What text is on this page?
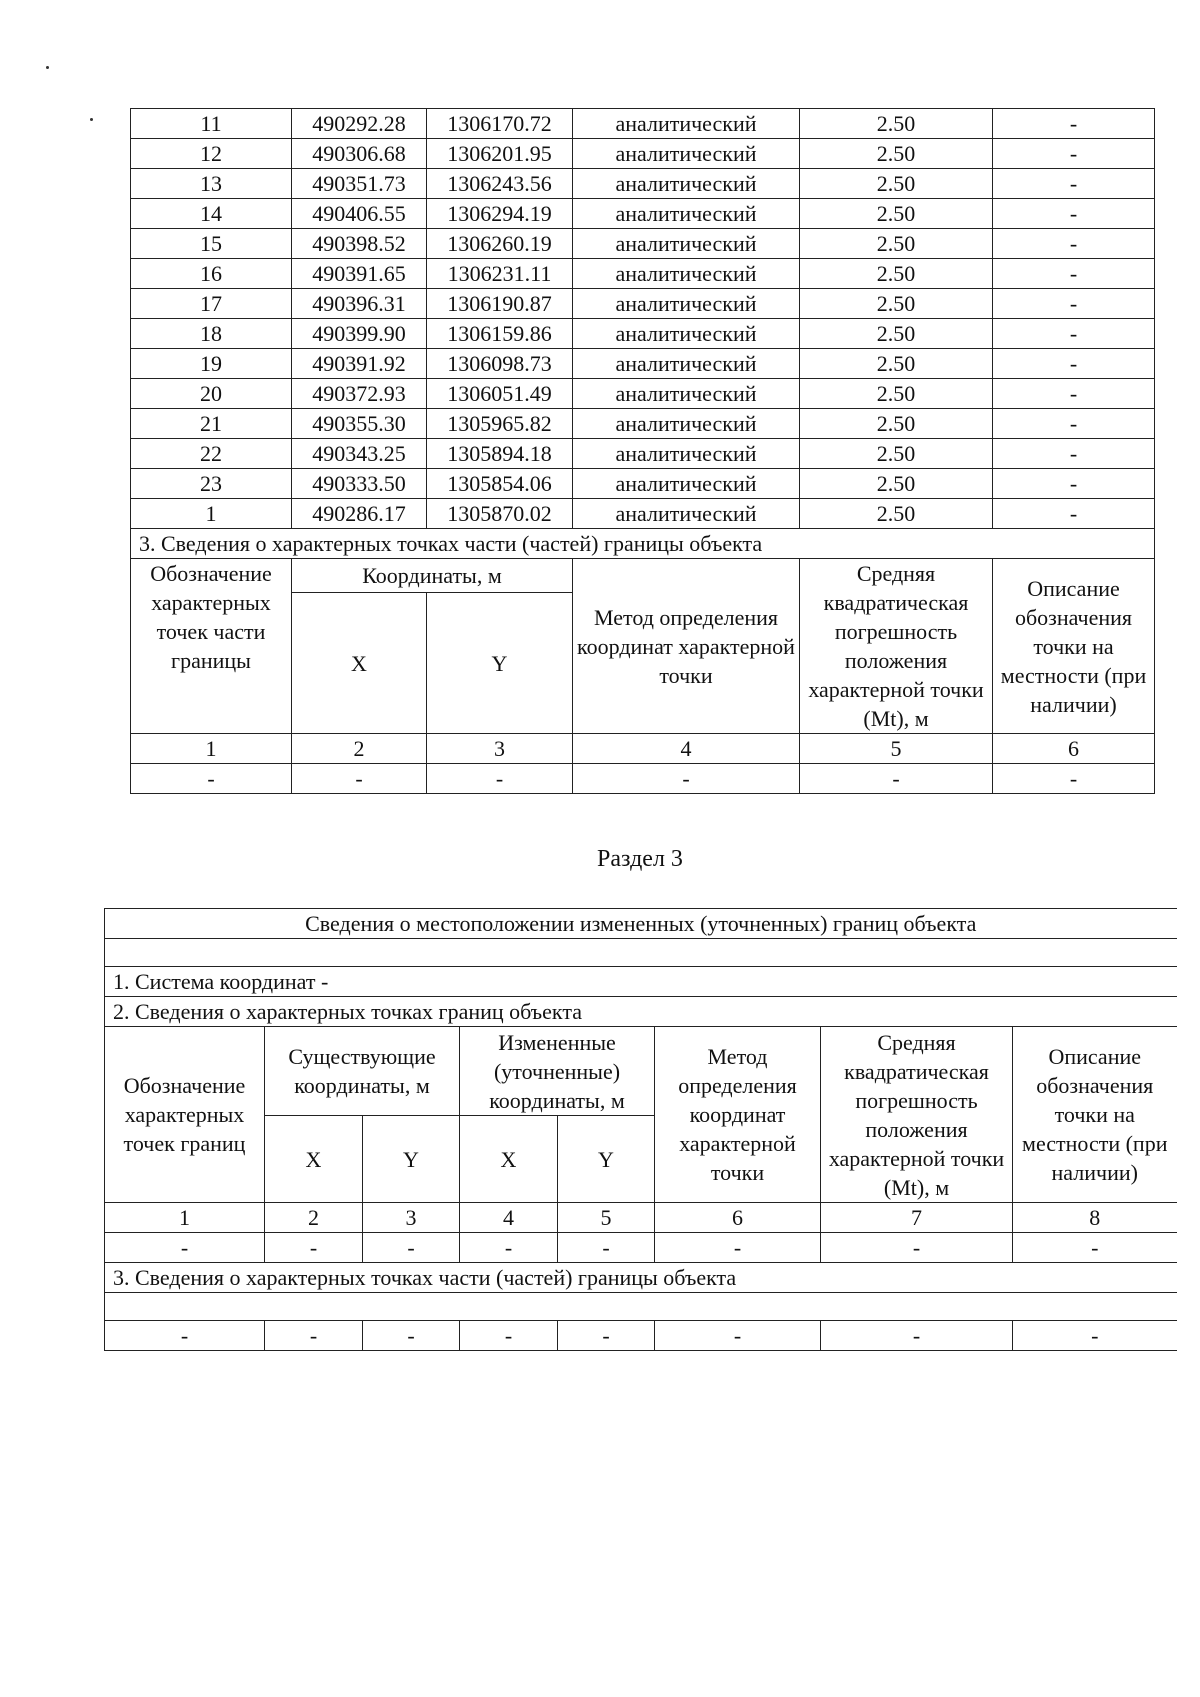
11	490292.28	1306170.72	аналитический	2.50	-
12	490306.68	1306201.95	аналитический	2.50	-
13	490351.73	1306243.56	аналитический	2.50	-
14	490406.55	1306294.19	аналитический	2.50	-
15	490398.52	1306260.19	аналитический	2.50	-
16	490391.65	1306231.11	аналитический	2.50	-
17	490396.31	1306190.87	аналитический	2.50	-
18	490399.90	1306159.86	аналитический	2.50	-
19	490391.92	1306098.73	аналитический	2.50	-
20	490372.93	1306051.49	аналитический	2.50	-
21	490355.30	1305965.82	аналитический	2.50	-
22	490343.25	1305894.18	аналитический	2.50	-
23	490333.50	1305854.06	аналитический	2.50	-
1	490286.17	1305870.02	аналитический	2.50	-
3. Сведения о характерных точках части (частей) границы объекта					
Обозначение характерных точек части границы	Координаты, м		Метод определения координат характерной точки	Средняя квадратическая погрешность положения характерной точки (Mt), м	Описание обозначения точки на местности (при наличии)
	X	Y			
1	2	3	4	5	6
-	-	-	-	-	-
Раздел 3
Сведения о местоположении измененных (уточненных) границ объекта							

1. Система координат -							
2. Сведения о характерных точках границ объекта							
Обозначение характерных точек границ	Существующие координаты, м		Измененные (уточненные) координаты, м		Метод определения координат характерной точки	Средняя квадратическая погрешность положения характерной точки (Mt), м	Описание обозначения точки на местности (при наличии)
	X	Y	X	Y			
1	2	3	4	5	6	7	8
-	-	-	-	-	-	-	-
3. Сведения о характерных точках части (частей) границы объекта							

-	-	-	-	-	-	-	-
